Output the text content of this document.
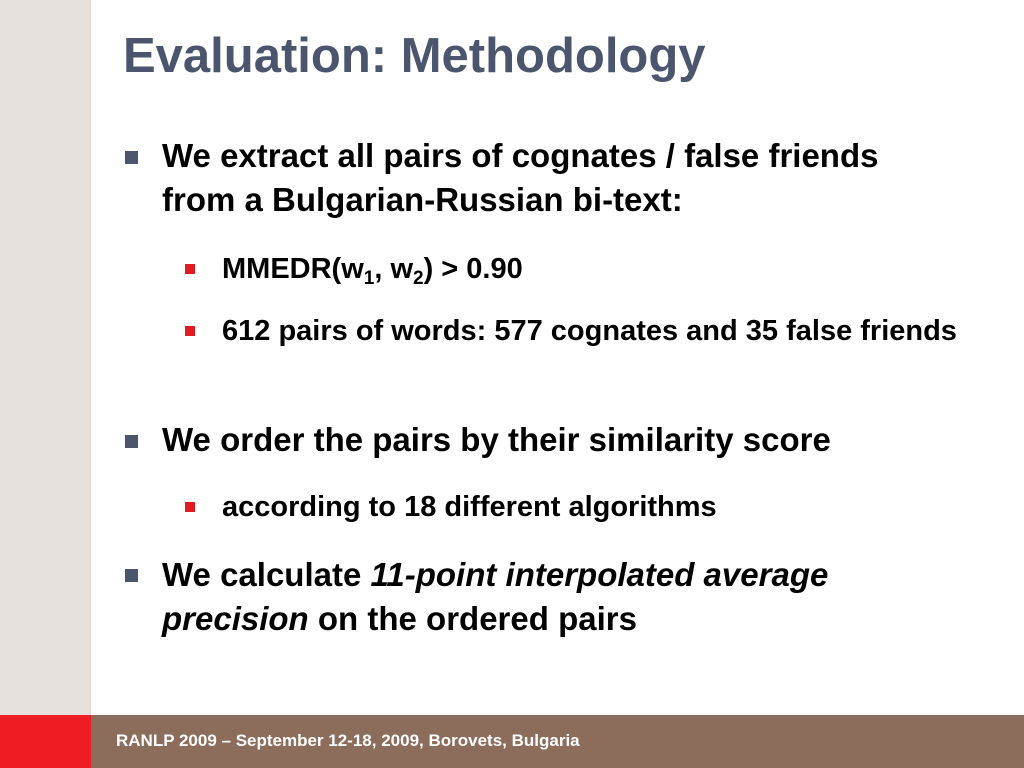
Evaluation: Methodology
We extract all pairs of cognates / false friends from a Bulgarian-Russian bi-text:
$MMEDR(w_1$, $w_2) > 0.90$
612 pairs of words: 577 cognates and 35 false friends
We order the pairs by their similarity score
according to 18 different algorithms
We calculate 11-point interpolated average precision on the ordered pairs
RANLP 2009 – September 12-18, 2009, Borovets, Bulgaria
